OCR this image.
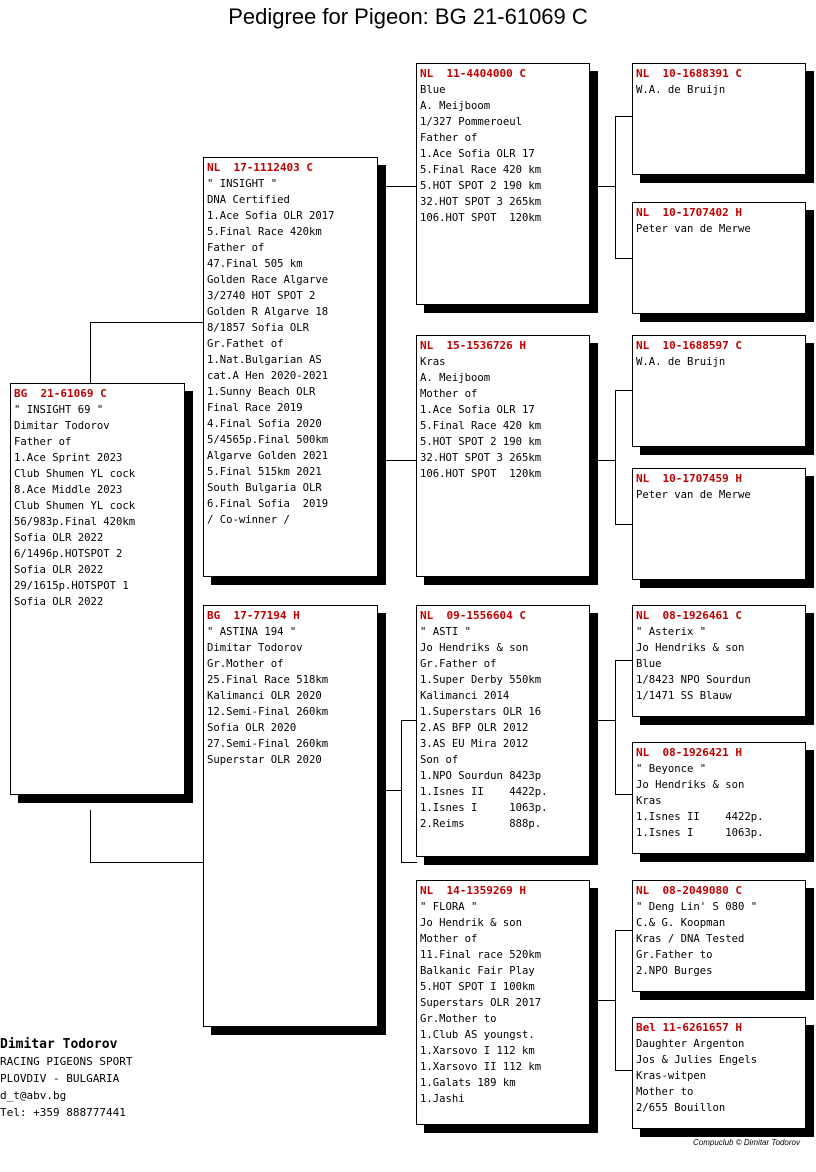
Pedigree for Pigeon: BG 21-61069 C
BG  21-61069 C
" INSIGHT 69 "
Dimitar Todorov
Father of
1.Ace Sprint 2023
Club Shumen YL cock
8.Ace Middle 2023
Club Shumen YL cock
56/983p.Final 420km
Sofia OLR 2022
6/1496p.HOTSPOT 2
Sofia OLR 2022
29/1615p.HOTSPOT 1
Sofia OLR 2022
NL  17-1112403 C
" INSIGHT "
DNA Certified
1.Ace Sofia OLR 2017
5.Final Race 420km
Father of
47.Final 505 km
Golden Race Algarve
3/2740 HOT SPOT 2
Golden R Algarve 18
8/1857 Sofia OLR
Gr.Fathet of
1.Nat.Bulgarian AS
cat.A Hen 2020-2021
1.Sunny Beach OLR
Final Race 2019
4.Final Sofia 2020
5/4565p.Final 500km
Algarve Golden 2021
5.Final 515km 2021
South Bulgaria OLR
6.Final Sofia  2019
/ Co-winner /
BG  17-77194 H
" ASTINA 194 "
Dimitar Todorov
Gr.Mother of
25.Final Race 518km
Kalimanci OLR 2020
12.Semi-Final 260km
Sofia OLR 2020
27.Semi-Final 260km
Superstar OLR 2020
NL  11-4404000 C
Blue
A. Meijboom
1/327 Pommeroeul
Father of
1.Ace Sofia OLR 17
5.Final Race 420 km
5.HOT SPOT 2 190 km
32.HOT SPOT 3 265km
106.HOT SPOT  120km
NL  15-1536726 H
Kras
A. Meijboom
Mother of
1.Ace Sofia OLR 17
5.Final Race 420 km
5.HOT SPOT 2 190 km
32.HOT SPOT 3 265km
106.HOT SPOT  120km
NL  09-1556604 C
" ASTI "
Jo Hendriks & son
Gr.Father of
1.Super Derby 550km
Kalimanci 2014
1.Superstars OLR 16
2.AS BFP OLR 2012
3.AS EU Mira 2012
Son of
1.NPO Sourdun 8423p
1.Isnes II    4422p.
1.Isnes I     1063p.
2.Reims       888p.
NL  14-1359269 H
" FLORA "
Jo Hendrik & son
Mother of
11.Final race 520km
Balkanic Fair Play
5.HOT SPOT I 100km
Superstars OLR 2017
Gr.Mother to
1.Club AS youngst.
1.Xarsovo I 112 km
1.Xarsovo II 112 km
1.Galats 189 km
1.Jashi
NL  10-1688391 C
W.A. de Bruijn
NL  10-1707402 H
Peter van de Merwe
NL  10-1688597 C
W.A. de Bruijn
NL  10-1707459 H
Peter van de Merwe
NL  08-1926461 C
" Asterix "
Jo Hendriks & son
Blue
1/8423 NPO Sourdun
1/1471 SS Blauw
NL  08-1926421 H
" Beyonce "
Jo Hendriks & son
Kras
1.Isnes II    4422p.
1.Isnes I     1063p.
NL  08-2049080 C
" Deng Lin' S 080 "
C.& G. Koopman
Kras / DNA Tested
Gr.Father to
2.NPO Burges
Bel 11-6261657 H
Daughter Argenton
Jos & Julies Engels
Kras-witpen
Mother to
2/655 Bouillon
Dimitar Todorov
RACING PIGEONS SPORT
PLOVDIV - BULGARIA
d_t@abv.bg
Tel: +359 888777441
Compuclub © Dimitar Todorov
